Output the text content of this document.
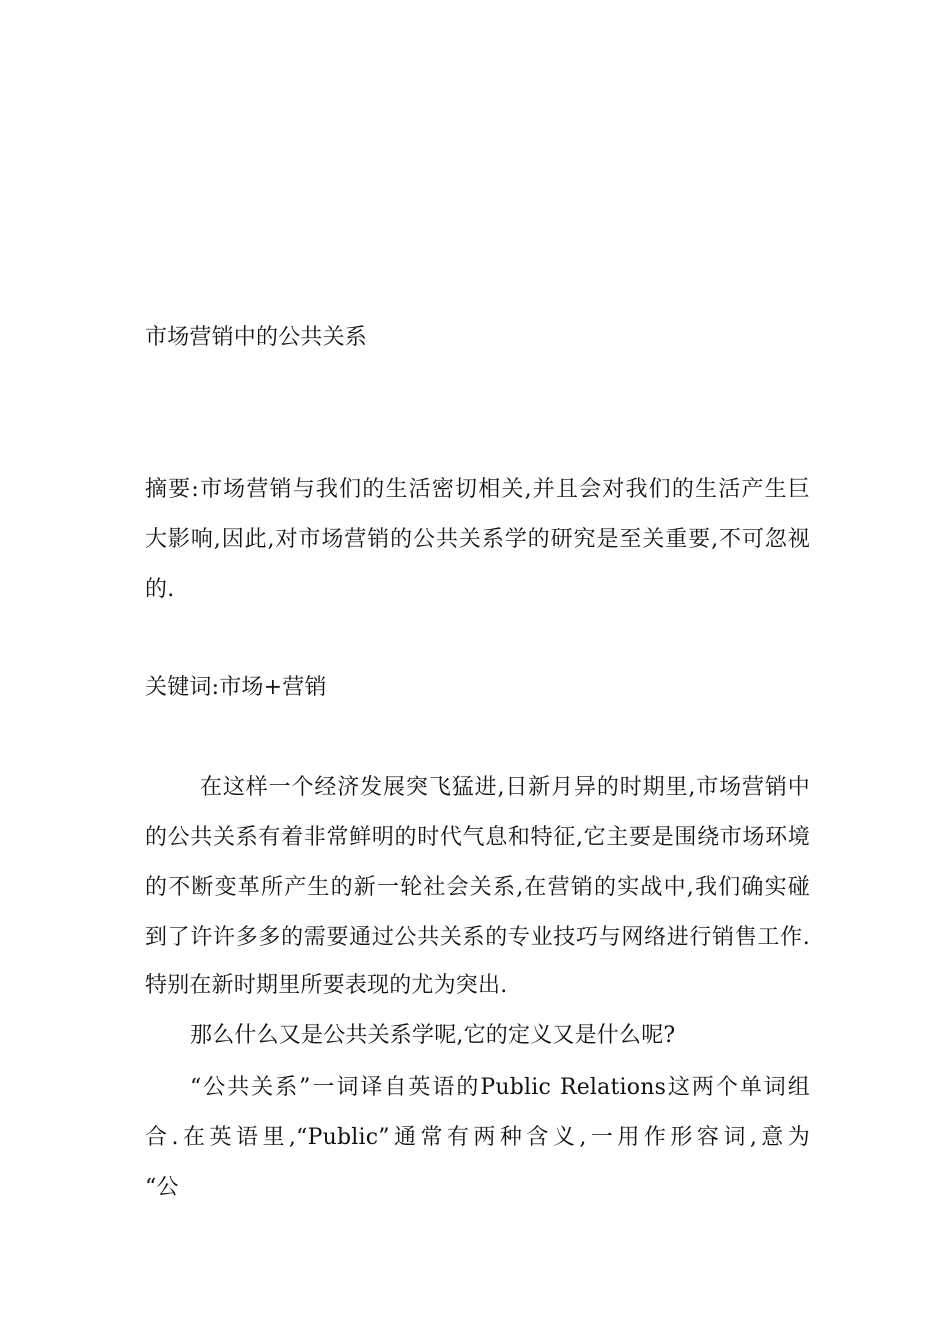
市场营销中的公共关系
摘要:市场营销与我们的生活密切相关,并且会对我们的生活产生巨
大影响,因此,对市场营销的公共关系学的研究是至关重要,不可忽视
的.
关键词:市场+营销
在这样一个经济发展突飞猛进,日新月异的时期里,市场营销中
的公共关系有着非常鲜明的时代气息和特征,它主要是围绕市场环境
的不断变革所产生的新一轮社会关系,在营销的实战中,我们确实碰
到了许许多多的需要通过公共关系的专业技巧与网络进行销售工作.
特别在新时期里所要表现的尤为突出.
那么什么又是公共关系学呢,它的定义又是什么呢?
“公共关系”一词译自英语的Public Relations这两个单词组
合.在英语里,“Public”通常有两种含义,一用作形容词,意为
“公
